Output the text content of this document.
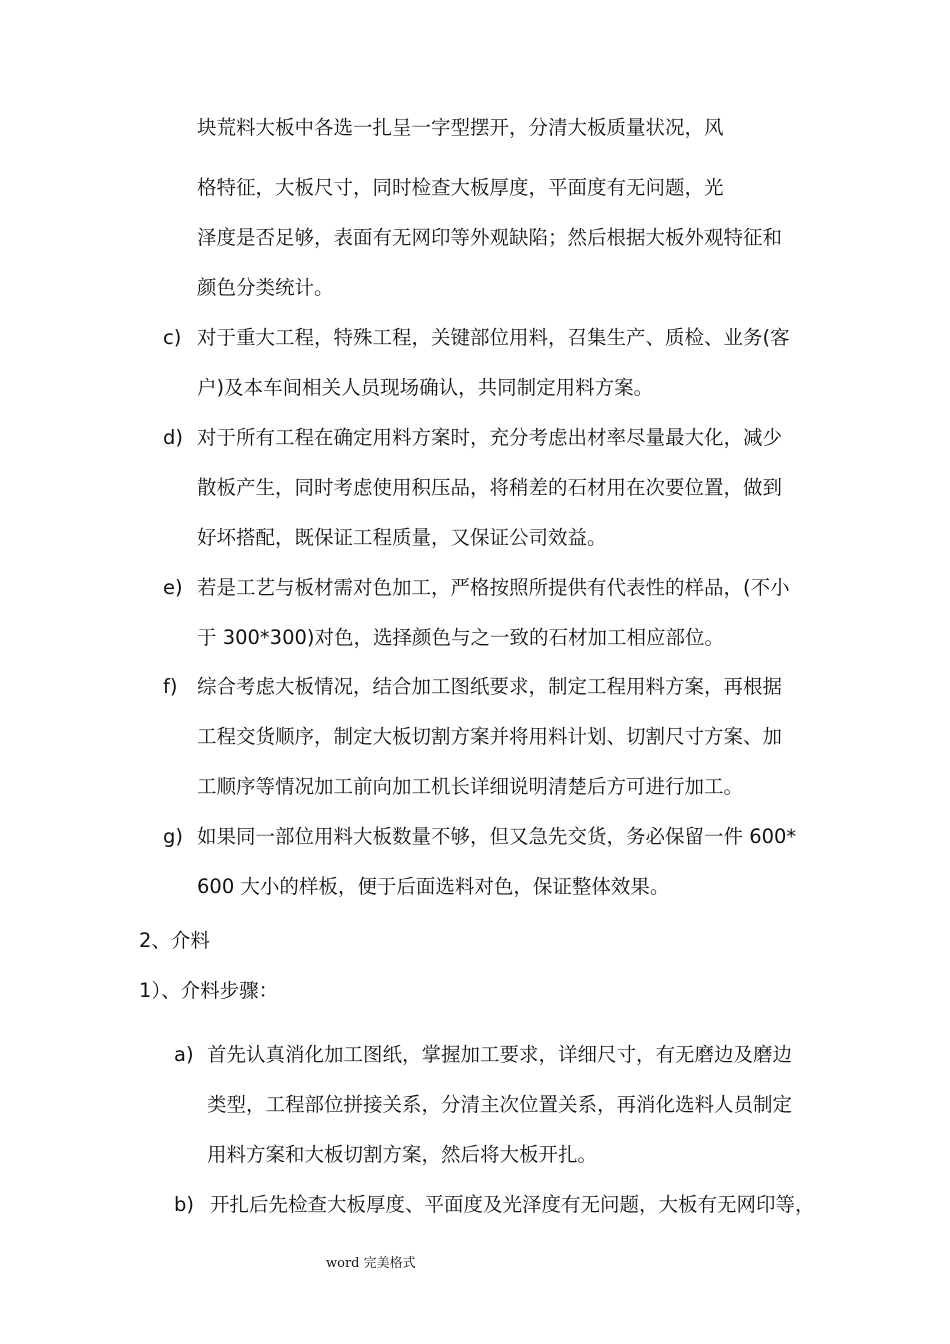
块荒料大板中各选一扎呈一字型摆开，分清大板质量状况，风
格特征，大板尺寸，同时检查大板厚度，平面度有无问题，光
泽度是否足够，表面有无网印等外观缺陷；然后根据大板外观特征和
颜色分类统计。
c) 对于重大工程，特殊工程，关键部位用料，召集生产、质检、业务(客
户)及本车间相关人员现场确认，共同制定用料方案。
d) 对于所有工程在确定用料方案时，充分考虑出材率尽量最大化，减少
散板产生，同时考虑使用积压品，将稍差的石材用在次要位置，做到
好坏搭配，既保证工程质量，又保证公司效益。
e) 若是工艺与板材需对色加工，严格按照所提供有代表性的样品，(不小
于 300*300)对色，选择颜色与之一致的石材加工相应部位。
f) 综合考虑大板情况，结合加工图纸要求，制定工程用料方案，再根据
工程交货顺序，制定大板切割方案并将用料计划、切割尺寸方案、加
工顺序等情况加工前向加工机长详细说明清楚后方可进行加工。
g) 如果同一部位用料大板数量不够，但又急先交货，务必保留一件 600*
600 大小的样板，便于后面选料对色，保证整体效果。
2、介料
1）、介料步骤：
a) 首先认真消化加工图纸，掌握加工要求，详细尺寸，有无磨边及磨边
类型，工程部位拼接关系，分清主次位置关系，再消化选料人员制定
用料方案和大板切割方案，然后将大板开扎。
b) 开扎后先检查大板厚度、平面度及光泽度有无问题，大板有无网印等，
word 完美格式
